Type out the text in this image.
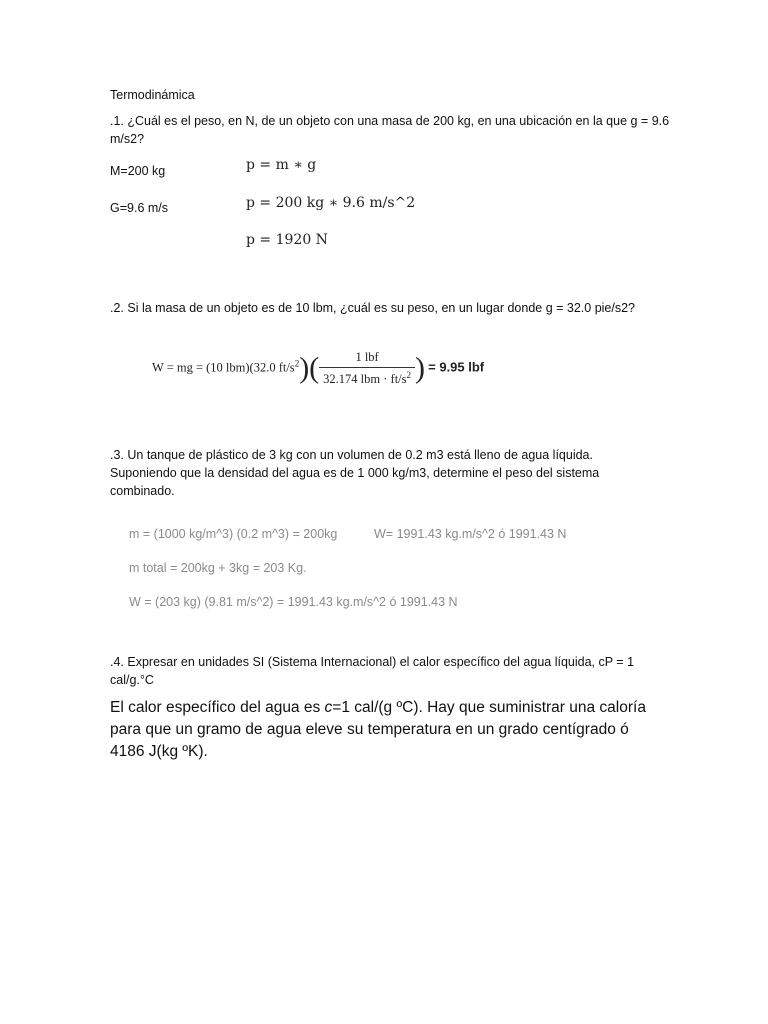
Termodinámica
.1. ¿Cuál es el peso, en N, de un objeto con una masa de 200 kg, en una ubicación en la que g = 9.6 m/s2?
M=200 kg
G=9.6 m/s
p = m ∗ g
p = 200 kg ∗ 9.6 m/s^2
p = 1920 N
.2. Si la masa de un objeto es de 10 lbm, ¿cuál es su peso, en un lugar donde g = 32.0 pie/s2?
W = mg = (10 lbm)(32.0 $ft/s^2)( \frac{\text{1 lbf}}{32.174 lbm \cdot ft/s^2}$ ) = 9.95 lbf
.3. Un tanque de plástico de 3 kg con un volumen de 0.2 m3 está lleno de agua líquida. Suponiendo que la densidad del agua es de 1 000 kg/m3, determine el peso del sistema combinado.
m = (1000 kg/m^3) (0.2 m^3) = 200kg	W= 1991.43 kg.m/s^2 ó 1991.43 N
m total = 200kg + 3kg = 203 Kg.
W = (203 kg) (9.81 m/s^2) = 1991.43 kg.m/s^2 ó 1991.43 N
.4. Expresar en unidades SI (Sistema Internacional) el calor específico del agua líquida, cP = 1 cal/g.°C
El calor específico del agua es c=1 cal/(g ºC). Hay que suministrar una caloría para que un gramo de agua eleve su temperatura en un grado centígrado ó 4186 J(kg ºK).
